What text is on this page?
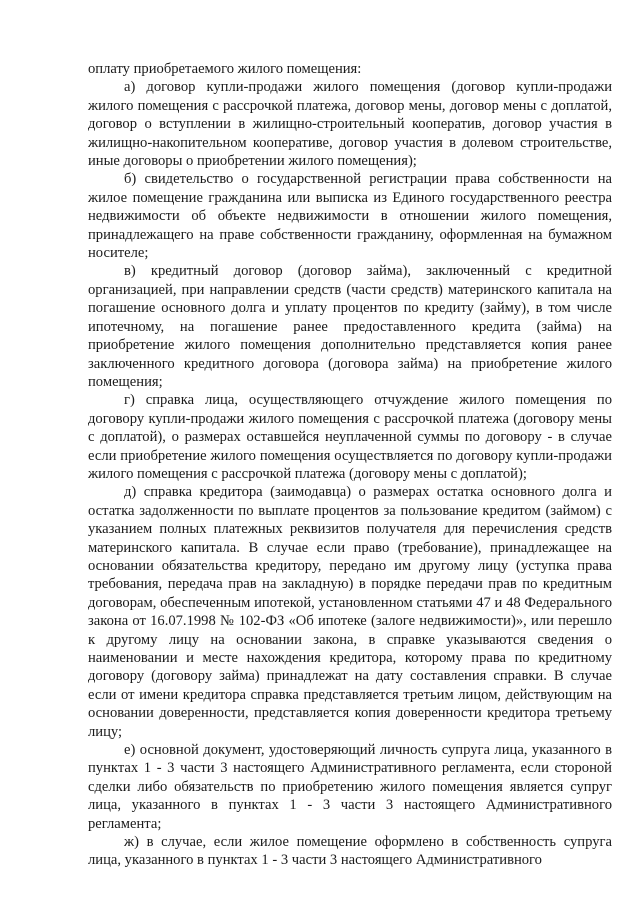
оплату приобретаемого жилого помещения:

а) договор купли-продажи жилого помещения (договор купли-продажи жилого помещения с рассрочкой платежа, договор мены, договор мены с доплатой, договор о вступлении в жилищно-строительный кооператив, договор участия в жилищно-накопительном кооперативе, договор участия в долевом строительстве, иные договоры о приобретении жилого помещения);

б) свидетельство о государственной регистрации права собственности на жилое помещение гражданина или выписка из Единого государственного реестра недвижимости об объекте недвижимости в отношении жилого помещения, принадлежащего на праве собственности гражданину, оформленная на бумажном носителе;

в) кредитный договор (договор займа), заключенный с кредитной организацией, при направлении средств (части средств) материнского капитала на погашение основного долга и уплату процентов по кредиту (займу), в том числе ипотечному, на погашение ранее предоставленного кредита (займа) на приобретение жилого помещения дополнительно представляется копия ранее заключенного кредитного договора (договора займа) на приобретение жилого помещения;

г) справка лица, осуществляющего отчуждение жилого помещения по договору купли-продажи жилого помещения с рассрочкой платежа (договору мены с доплатой), о размерах оставшейся неуплаченной суммы по договору - в случае если приобретение жилого помещения осуществляется по договору купли-продажи жилого помещения с рассрочкой платежа (договору мены с доплатой);

д) справка кредитора (заимодавца) о размерах остатка основного долга и остатка задолженности по выплате процентов за пользование кредитом (займом) с указанием полных платежных реквизитов получателя для перечисления средств материнского капитала. В случае если право (требование), принадлежащее на основании обязательства кредитору, передано им другому лицу (уступка права требования, передача прав на закладную) в порядке передачи прав по кредитным договорам, обеспеченным ипотекой, установленном статьями 47 и 48 Федерального закона от 16.07.1998 № 102-ФЗ «Об ипотеке (залоге недвижимости)», или перешло к другому лицу на основании закона, в справке указываются сведения о наименовании и месте нахождения кредитора, которому права по кредитному договору (договору займа) принадлежат на дату составления справки. В случае если от имени кредитора справка представляется третьим лицом, действующим на основании доверенности, представляется копия доверенности кредитора третьему лицу;

е) основной документ, удостоверяющий личность супруга лица, указанного в пунктах 1 - 3 части 3 настоящего Административного регламента, если стороной сделки либо обязательств по приобретению жилого помещения является супруг лица, указанного в пунктах 1 - 3 части 3 настоящего Административного регламента;

ж) в случае, если жилое помещение оформлено в собственность супруга лица, указанного в пунктах 1 - 3 части 3 настоящего Административного
